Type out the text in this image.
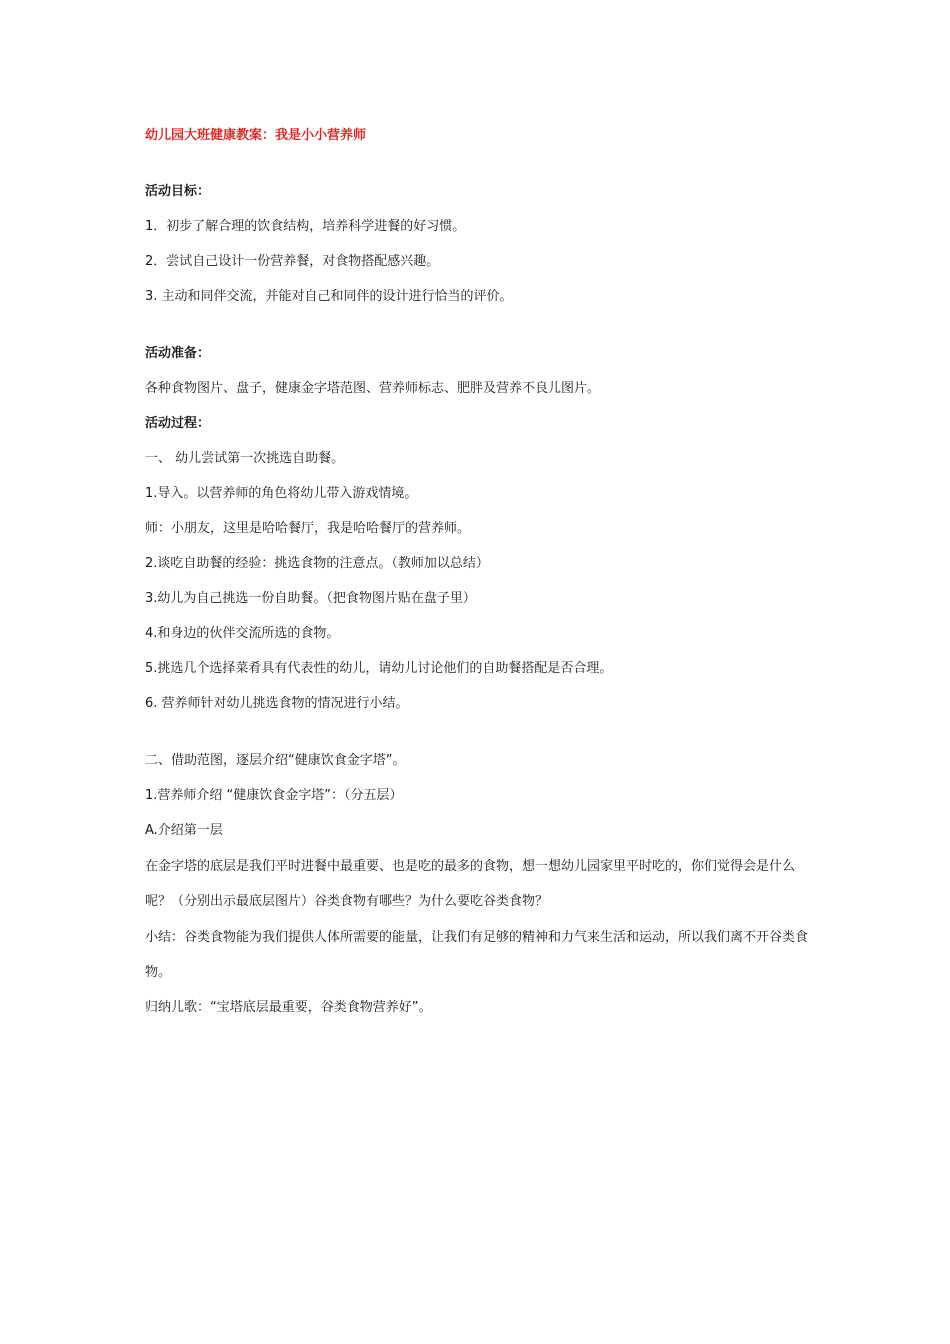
幼儿园大班健康教案：我是小小营养师
活动目标：
1．初步了解合理的饮食结构，培养科学进餐的好习惯。
2．尝试自己设计一份营养餐，对食物搭配感兴趣。
3. 主动和同伴交流，并能对自己和同伴的设计进行恰当的评价。
活动准备：
各种食物图片、盘子，健康金字塔范图、营养师标志、肥胖及营养不良儿图片。
活动过程：
一、 幼儿尝试第一次挑选自助餐。
1.导入。以营养师的角色将幼儿带入游戏情境。
师：小朋友，这里是哈哈餐厅，我是哈哈餐厅的营养师。
2.谈吃自助餐的经验：挑选食物的注意点。（教师加以总结）
3.幼儿为自己挑选一份自助餐。（把食物图片贴在盘子里）
4.和身边的伙伴交流所选的食物。
5.挑选几个选择菜肴具有代表性的幼儿，请幼儿讨论他们的自助餐搭配是否合理。
6. 营养师针对幼儿挑选食物的情况进行小结。
二、借助范图，逐层介绍“健康饮食金字塔”。
1.营养师介绍 “健康饮食金字塔”：（分五层）
A.介绍第一层
在金字塔的底层是我们平时进餐中最重要、也是吃的最多的食物，想一想幼儿园家里平时吃的，你们觉得会是什么呢？（分别出示最底层图片）谷类食物有哪些？为什么要吃谷类食物？
小结：谷类食物能为我们提供人体所需要的能量，让我们有足够的精神和力气来生活和运动，所以我们离不开谷类食物。
归纳儿歌：“宝塔底层最重要，谷类食物营养好”。
